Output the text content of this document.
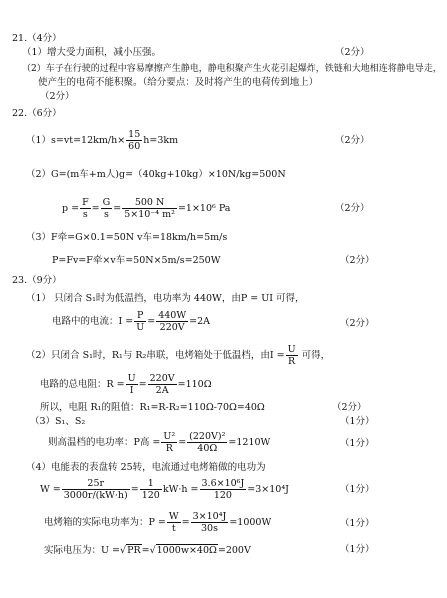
21.（4分）
（1）增大受力面积，减小压强。	（2分）
（2）车子在行驶的过程中容易摩擦产生静电，静电积聚产生火花引起爆炸，铁链和大地相连将静电导走，
使产生的电荷不能积聚。（给分要点：及时将产生的电荷传到地上）
（2分）
22.（6分）
$(1)s=vt=12km/h\times \frac{15}{60} h=3km$	（2分）
（2）G=(m车+m人)g=（40kg+10kg）×10N/kg=500N
$p = \frac{F}{s} = \frac{G}{s} = \frac{500 N}{\text{5×10⁻⁴ m²}} =1\times 10^6$ Pa	（2分）
（3）F牵=G×0.1=50N v车=18km/h=5m/s
P=Fv=F牵×v车=50N×5m/s=250W	（2分）
23.（9分）
（1） 只闭合 S₁时为低温挡，电功率为 440W，由P = UI 可得，
电路中的电流：$I = \frac{P}{U} = \frac{440W}{220V} =2A$	（2分）
（2）只闭合 S₁时，R₁与 R₂串联，电烤箱处于低温档，由$I = \frac{U}{R}$ 可得，
电路的总电阻：$R = \frac{U}{I} = \frac{220V}{2A} =110\Omega$
所以，电阻 R₁的阻值：R₁=R-R₂=110Ω-70Ω=40Ω	（2分）
（3）S₁、S₂	（1分）
则高温档的电功率：P高 = $\frac{\text{U²}}{R} = \frac{\text{(220V)²}}{40\Omega} =1210W$	（1分）
（4）电能表的表盘转 25转，电流通过电烤箱做的电功为
$W = \frac{25r}{3000r/(kW\cdot h)} = \frac{1}{120} kW\cdot h = \frac{\text{3.6×10⁶J}}{120} =3\times 10^4J$	（1分）
电烤箱的实际电功率为：$P = \frac{W}{t} = \frac{\text{3×10⁴J}}{30s} =1000W$	（1分）
实际电压为：U =√PR=√1000w×40Ω=200V	（1分）
